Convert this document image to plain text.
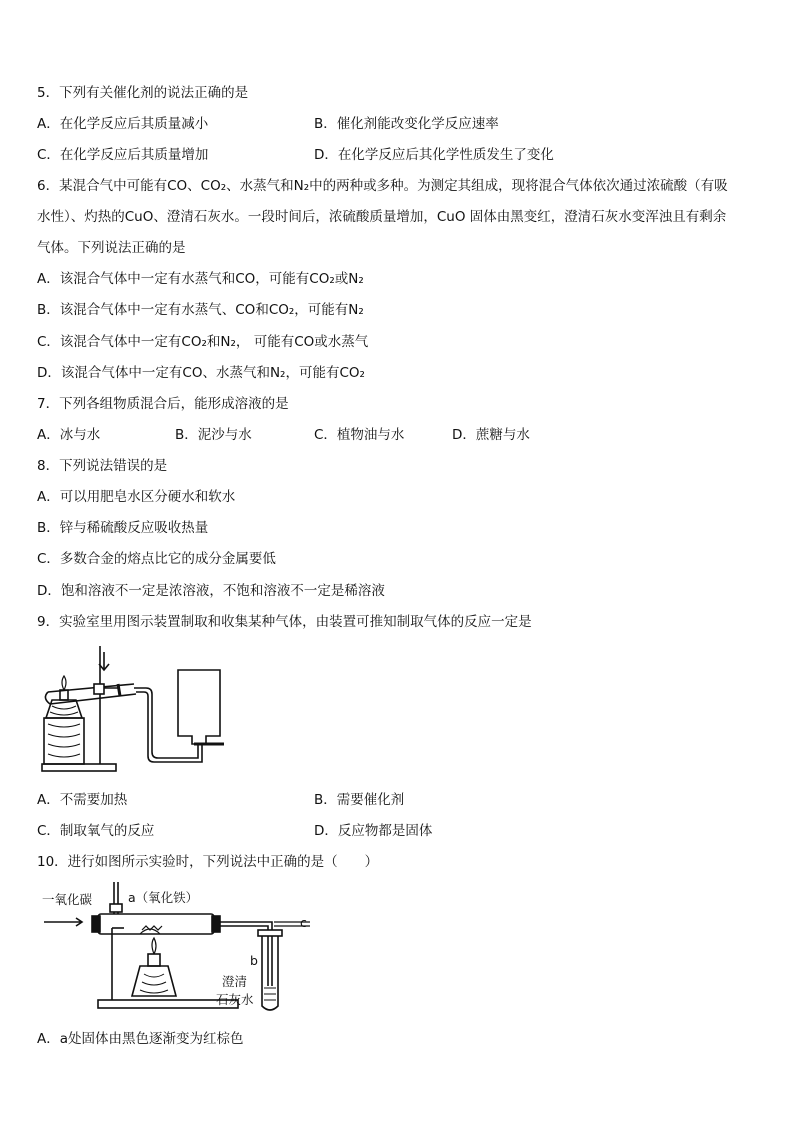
5．下列有关催化剂的说法正确的是
A．在化学反应后其质量减小	B．催化剂能改变化学反应速率
C．在化学反应后其质量增加	D．在化学反应后其化学性质发生了变化
6．某混合气中可能有CO、CO₂、水蒸气和N₂中的两种或多种。为测定其组成，现将混合气体依次通过浓硫酸（有吸
水性）、灼热的CuO、澄清石灰水。一段时间后，浓硫酸质量增加，CuO 固体由黑变红，澄清石灰水变浑浊且有剩余
气体。下列说法正确的是
A．该混合气体中一定有水蒸气和CO，可能有CO₂或N₂
B．该混合气体中一定有水蒸气、CO和CO₂，可能有N₂
C．该混合气体中一定有CO₂和N₂， 可能有CO或水蒸气
D．该混合气体中一定有CO、水蒸气和N₂，可能有CO₂
7．下列各组物质混合后，能形成溶液的是
A．冰与水	B．泥沙与水	C．植物油与水	D．蔗糖与水
8．下列说法错误的是
A．可以用肥皂水区分硬水和软水
B．锌与稀硫酸反应吸收热量
C．多数合金的熔点比它的成分金属要低
D．饱和溶液不一定是浓溶液，不饱和溶液不一定是稀溶液
9．实验室里用图示装置制取和收集某种气体，由装置可推知制取气体的反应一定是
A．不需要加热	B．需要催化剂
C．制取氧气的反应	D．反应物都是固体
10．进行如图所示实验时，下列说法中正确的是（　　）
一氧化碳	a（氧化铁）
b
c
澄清
石灰水
A．a处固体由黑色逐渐变为红棕色
